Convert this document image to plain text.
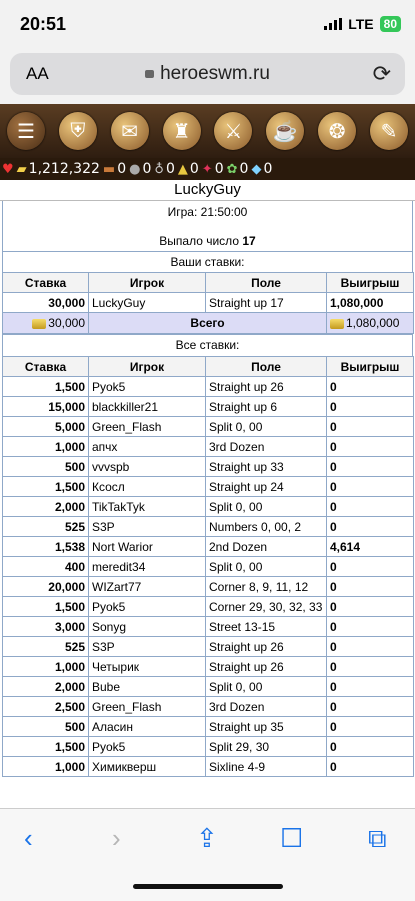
20:51	LTE 80
AA	heroeswm.ru	⟳
☰	⛨	✉	♜	⚔	☕	❂	✎
♥ ▰ 1,212,322 ▬ 0 ● 0 ♁ 0 ▲ 0 ✦ 0 ✿ 0 ◆ 0
LuckyGuy
Игра: 21:50:00
Выпало число 17
Ваши ставки:
Ставка	Игрок	Поле	Выигрыш
30,000	LuckyGuy	Straight up 17	1,080,000
30,000	Всего		1,080,000
Все ставки:
Ставка	Игрок	Поле	Выигрыш
1,500	Pyok5	Straight up 26	0
15,000	blackkiller21	Straight up 6	0
5,000	Green_Flash	Split 0, 00	0
1,000	апчх	3rd Dozen	0
500	vvvspb	Straight up 33	0
1,500	Ксосл	Straight up 24	0
2,000	TikTakTyk	Split 0, 00	0
525	S3P	Numbers 0, 00, 2	0
1,538	Nort Warior	2nd Dozen	4,614
400	meredit34	Split 0, 00	0
20,000	WIZart77	Corner 8, 9, 11, 12	0
1,500	Pyok5	Corner 29, 30, 32, 33	0
3,000	Sonyg	Street 13-15	0
525	S3P	Straight up 26	0
1,000	Четырик	Straight up 26	0
2,000	Bube	Split 0, 00	0
2,500	Green_Flash	3rd Dozen	0
500	Аласин	Straight up 35	0
1,500	Pyok5	Split 29, 30	0
1,000	Химикверш	Sixline 4-9	0
‹	›	⇪ ☐ ⧉
